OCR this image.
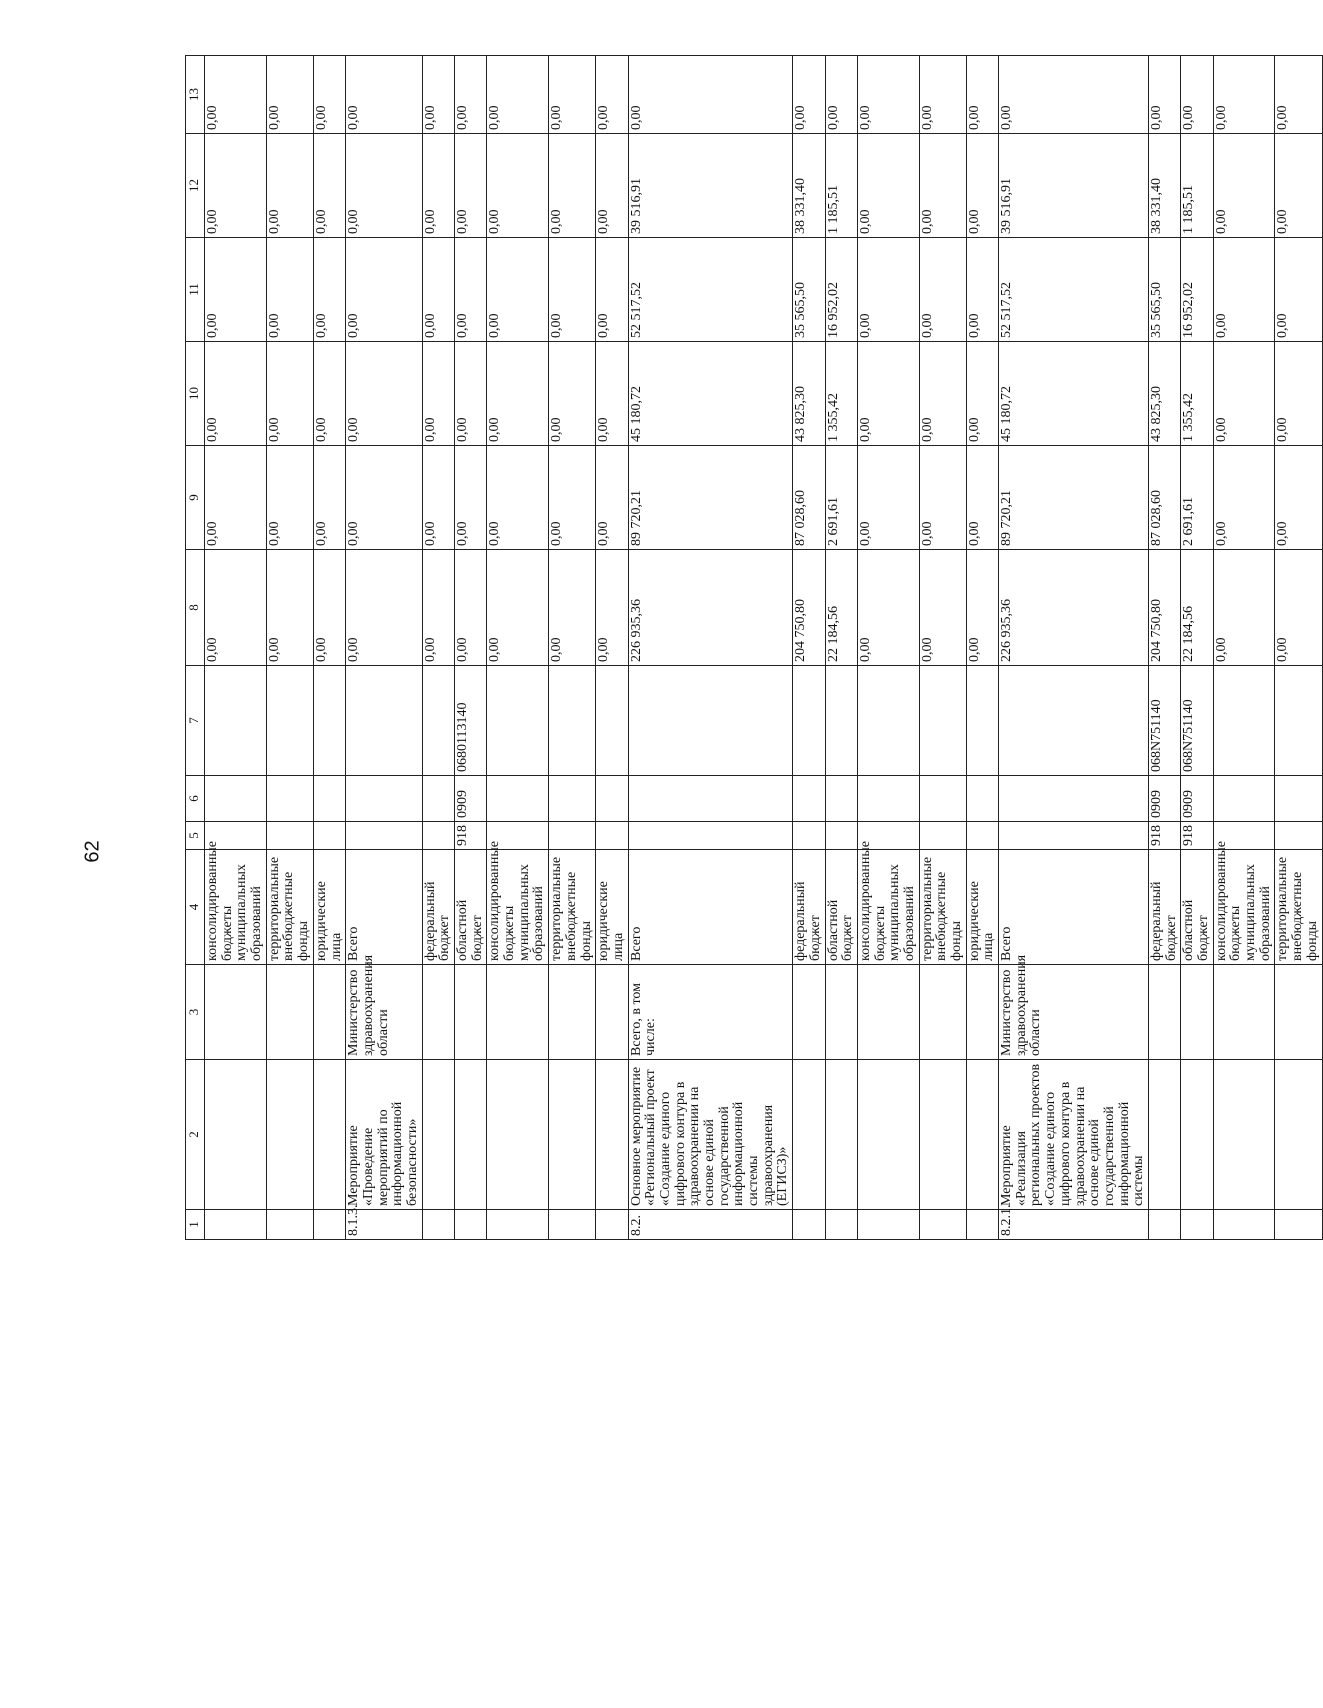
62
1	2	3	4	5	6	7	8	9	10	11	12	13
			консолидированные бюджеты муниципальных образований				0,00	0,00	0,00	0,00	0,00	0,00
			территориальные внебюджетные фонды				0,00	0,00	0,00	0,00	0,00	0,00
			юридические лица				0,00	0,00	0,00	0,00	0,00	0,00
8.1.3.	Мероприятие «Проведение мероприятий по информационной безопасности»	Министерство здравоохранения области	Всего				0,00	0,00	0,00	0,00	0,00	0,00
			федеральный бюджет				0,00	0,00	0,00	0,00	0,00	0,00
			областной бюджет	918	0909	0680113140	0,00	0,00	0,00	0,00	0,00	0,00
			консолидированные бюджеты муниципальных образований				0,00	0,00	0,00	0,00	0,00	0,00
			территориальные внебюджетные фонды				0,00	0,00	0,00	0,00	0,00	0,00
			юридические лица				0,00	0,00	0,00	0,00	0,00	0,00
8.2.	Основное мероприятие «Региональный проект «Создание единого цифрового контура в здравоохранении на основе единой государственной информационной системы здравоохранения (ЕГИСЗ)»	Всего, в том числе:	Всего				226 935,36	89 720,21	45 180,72	52 517,52	39 516,91	0,00
			федеральный бюджет				204 750,80	87 028,60	43 825,30	35 565,50	38 331,40	0,00
			областной бюджет				22 184,56	2 691,61	1 355,42	16 952,02	1 185,51	0,00
			консолидированные бюджеты муниципальных образований				0,00	0,00	0,00	0,00	0,00	0,00
			территориальные внебюджетные фонды				0,00	0,00	0,00	0,00	0,00	0,00
			юридические лица				0,00	0,00	0,00	0,00	0,00	0,00
8.2.1.	Мероприятие «Реализация региональных проектов «Создание единого цифрового контура в здравоохранении на основе единой государственной информационной системы	Министерство здравоохранения области	Всего				226 935,36	89 720,21	45 180,72	52 517,52	39 516,91	0,00
			федеральный бюджет	918	0909	068N751140	204 750,80	87 028,60	43 825,30	35 565,50	38 331,40	0,00
			областной бюджет	918	0909	068N751140	22 184,56	2 691,61	1 355,42	16 952,02	1 185,51	0,00
			консолидированные бюджеты муниципальных образований				0,00	0,00	0,00	0,00	0,00	0,00
			территориальные внебюджетные фонды				0,00	0,00	0,00	0,00	0,00	0,00
